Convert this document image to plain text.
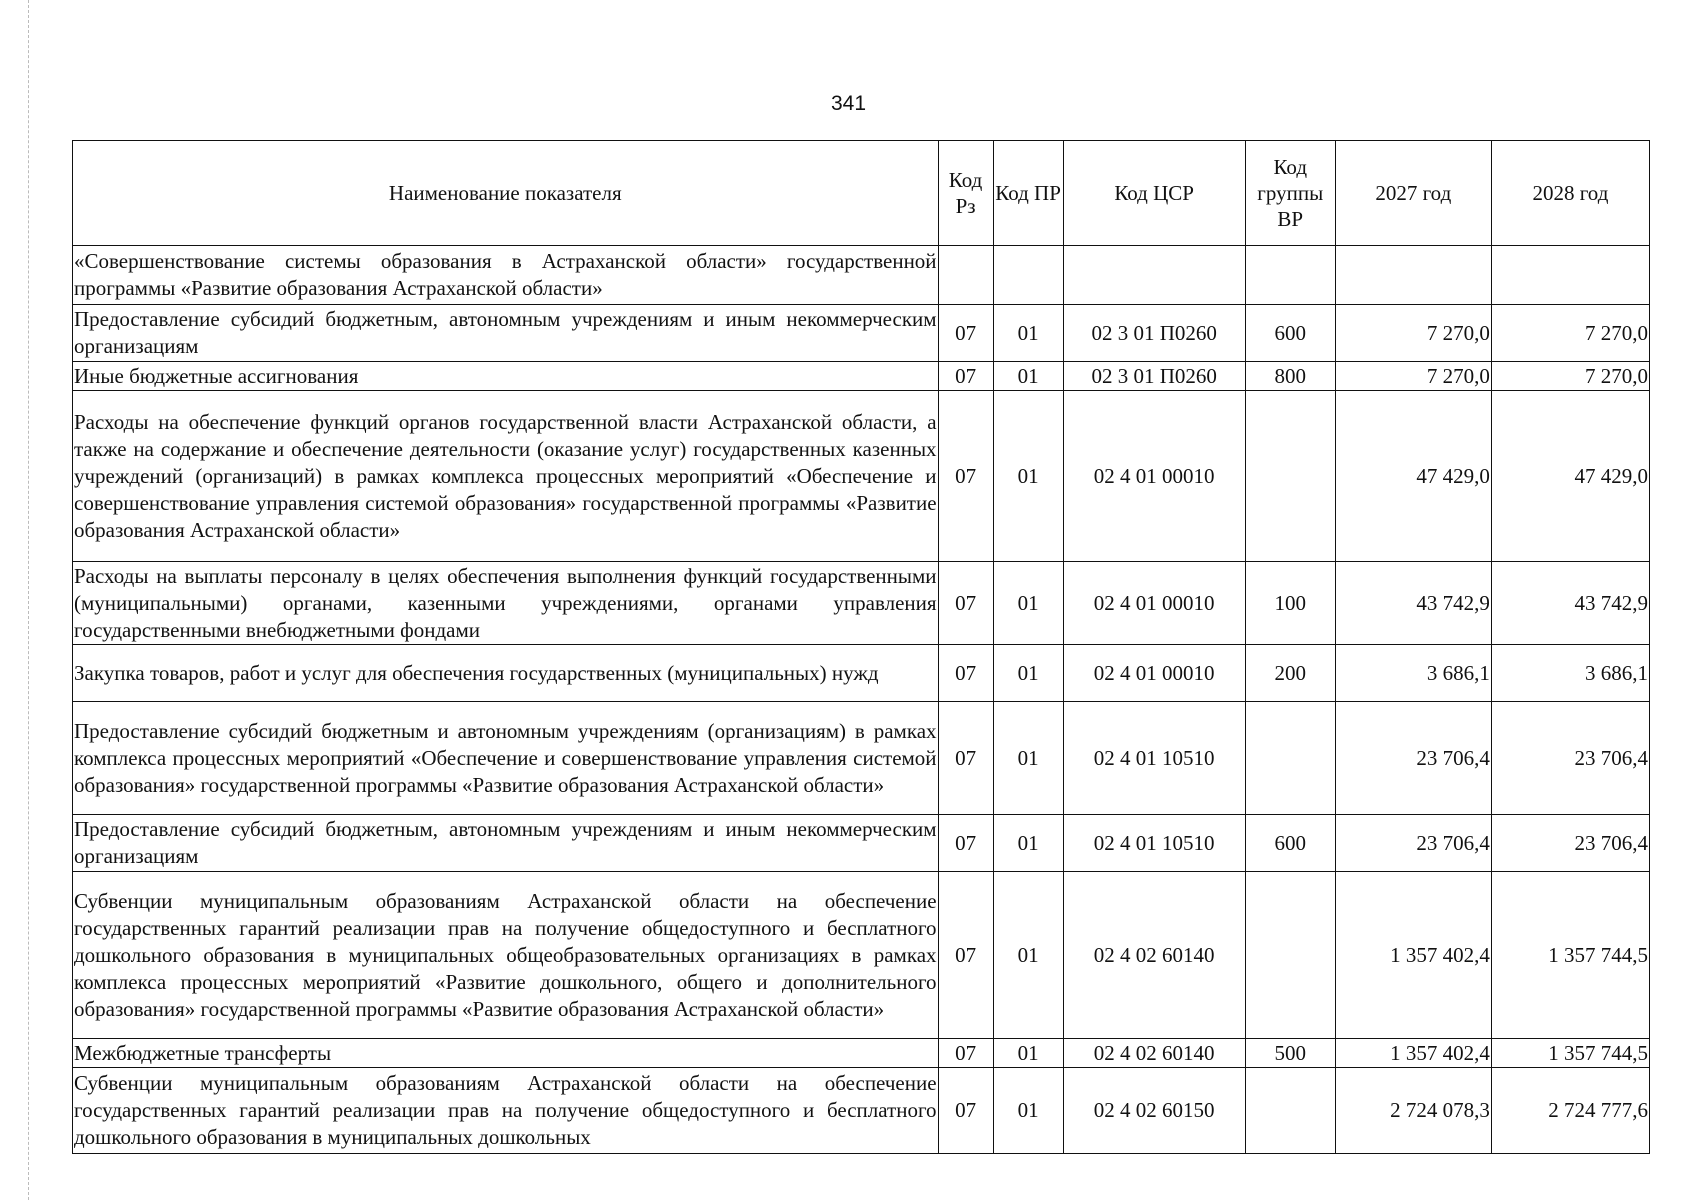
341
Наименование показателя	Код Рз	Код ПР	Код ЦСР	Код группы ВР	2027 год	2028 год
«Совершенствование системы образования в Астраханской области» государственной программы «Развитие образования Астраханской области»						
Предоставление субсидий бюджетным, автономным учреждениям и иным некоммерческим организациям	07	01	02 3 01 П0260	600	7 270,0	7 270,0
Иные бюджетные ассигнования	07	01	02 3 01 П0260	800	7 270,0	7 270,0
Расходы на обеспечение функций органов государственной власти Астраханской области, а также на содержание и обеспечение деятельности (оказание услуг) государственных казенных учреждений (организаций) в рамках комплекса процессных мероприятий «Обеспечение и совершенствование управления системой образования» государственной программы «Развитие образования Астраханской области»	07	01	02 4 01 00010		47 429,0	47 429,0
Расходы на выплаты персоналу в целях обеспечения выполнения функций государственными (муниципальными) органами, казенными учреждениями, органами управления государственными внебюджетными фондами	07	01	02 4 01 00010	100	43 742,9	43 742,9
Закупка товаров, работ и услуг для обеспечения государственных (муниципальных) нужд	07	01	02 4 01 00010	200	3 686,1	3 686,1
Предоставление субсидий бюджетным и автономным учреждениям (организациям) в рамках комплекса процессных мероприятий «Обеспечение и совершенствование управления системой образования» государственной программы «Развитие образования Астраханской области»	07	01	02 4 01 10510		23 706,4	23 706,4
Предоставление субсидий бюджетным, автономным учреждениям и иным некоммерческим организациям	07	01	02 4 01 10510	600	23 706,4	23 706,4
Субвенции муниципальным образованиям Астраханской области на обеспечение государственных гарантий реализации прав на получение общедоступного и бесплатного дошкольного образования в муниципальных общеобразовательных организациях в рамках комплекса процессных мероприятий «Развитие дошкольного, общего и дополнительного образования» государственной программы «Развитие образования Астраханской области»	07	01	02 4 02 60140		1 357 402,4	1 357 744,5
Межбюджетные трансферты	07	01	02 4 02 60140	500	1 357 402,4	1 357 744,5
Субвенции муниципальным образованиям Астраханской области на обеспечение государственных гарантий реализации прав на получение общедоступного и бесплатного дошкольного образования в муниципальных дошкольных	07	01	02 4 02 60150		2 724 078,3	2 724 777,6
